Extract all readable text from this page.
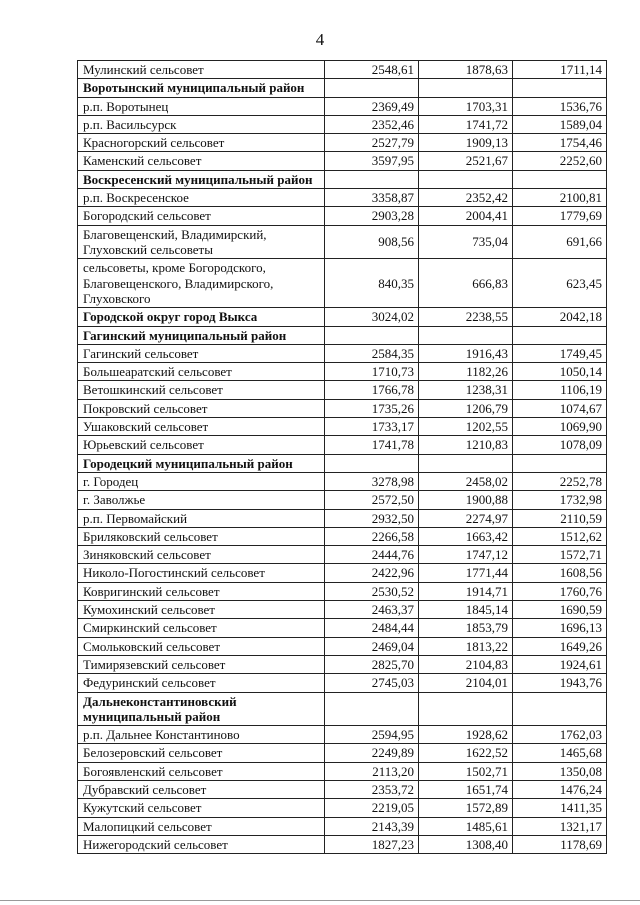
4
Мулинский сельсовет	2548,61	1878,63	1711,14
Воротынский муниципальный район			
р.п. Воротынец	2369,49	1703,31	1536,76
р.п. Васильсурск	2352,46	1741,72	1589,04
Красногорский сельсовет	2527,79	1909,13	1754,46
Каменский сельсовет	3597,95	2521,67	2252,60
Воскресенский муниципальный район			
р.п. Воскресенское	3358,87	2352,42	2100,81
Богородский сельсовет	2903,28	2004,41	1779,69
Благовещенский, Владимирский, Глуховский сельсоветы	908,56	735,04	691,66
сельсоветы, кроме Богородского, Благовещенского, Владимирского, Глуховского	840,35	666,83	623,45
Городской округ город Выкса	3024,02	2238,55	2042,18
Гагинский муниципальный район			
Гагинский сельсовет	2584,35	1916,43	1749,45
Большеаратский сельсовет	1710,73	1182,26	1050,14
Ветошкинский сельсовет	1766,78	1238,31	1106,19
Покровский сельсовет	1735,26	1206,79	1074,67
Ушаковский сельсовет	1733,17	1202,55	1069,90
Юрьевский сельсовет	1741,78	1210,83	1078,09
Городецкий муниципальный район			
г. Городец	3278,98	2458,02	2252,78
г. Заволжье	2572,50	1900,88	1732,98
р.п. Первомайский	2932,50	2274,97	2110,59
Бриляковский сельсовет	2266,58	1663,42	1512,62
Зиняковский сельсовет	2444,76	1747,12	1572,71
Николо-Погостинский сельсовет	2422,96	1771,44	1608,56
Ковригинский сельсовет	2530,52	1914,71	1760,76
Кумохинский сельсовет	2463,37	1845,14	1690,59
Смиркинский сельсовет	2484,44	1853,79	1696,13
Смольковский сельсовет	2469,04	1813,22	1649,26
Тимирязевский сельсовет	2825,70	2104,83	1924,61
Федуринский сельсовет	2745,03	2104,01	1943,76
Дальнеконстантиновский муниципальный район			
р.п. Дальнее Константиново	2594,95	1928,62	1762,03
Белозеровский сельсовет	2249,89	1622,52	1465,68
Богоявленский сельсовет	2113,20	1502,71	1350,08
Дубравский сельсовет	2353,72	1651,74	1476,24
Кужутский сельсовет	2219,05	1572,89	1411,35
Малопицкий сельсовет	2143,39	1485,61	1321,17
Нижегородский сельсовет	1827,23	1308,40	1178,69
